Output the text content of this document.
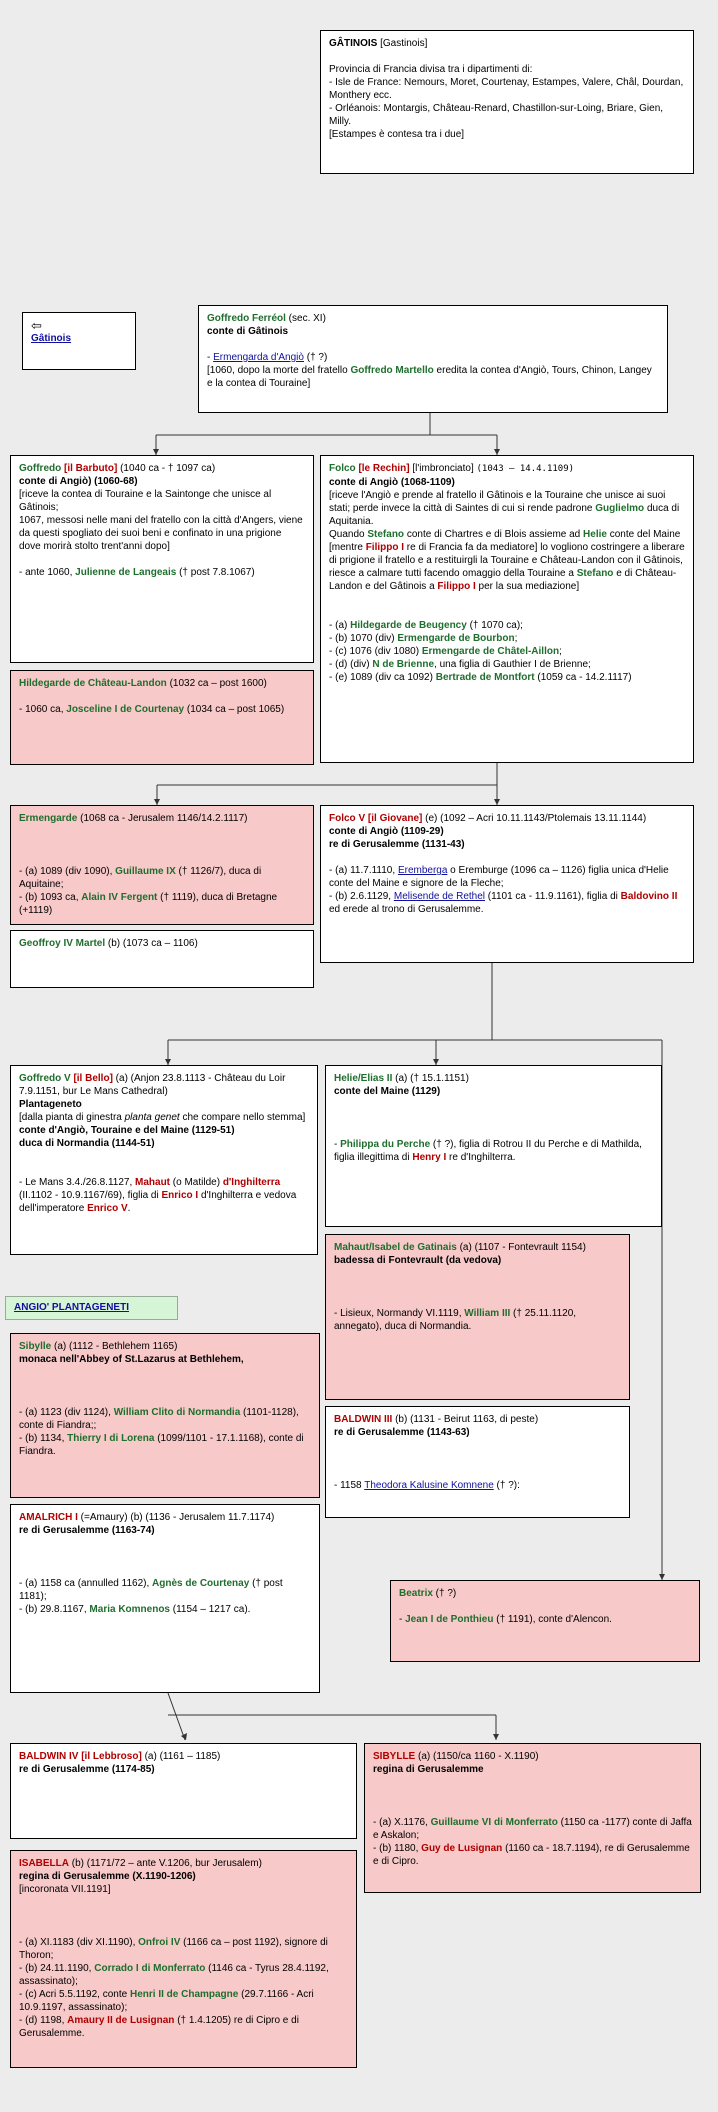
GÂTINOIS [Gastinois]

Provincia di Francia divisa tra i dipartimenti di:

- Isle de France: Nemours, Moret, Courtenay, Estampes, Valere, Châl, Dourdan, Monthery ecc.

- Orléanois: Montargis, Château-Renard, Chastillon-sur-Loing, Briare, Gien, Milly.

[Estampes è contesa tra i due]

⇦

Gâtinois

Goffredo Ferréol (sec. XI)

conte di Gâtinois

- Ermengarda d'Angiò († ?)

[1060, dopo la morte del fratello Goffredo Martello eredita la contea d'Angiò, Tours, Chinon, Langey e la contea di Touraine]

Goffredo [il Barbuto] (1040 ca - † 1097 ca)

conte di Angiò) (1060-68)

[riceve la contea di Touraine e la Saintonge che unisce al Gâtinois;

1067, messosi nelle mani del fratello con la città d'Angers, viene da questi spogliato dei suoi beni e confinato in una prigione dove morirà stolto trent'anni dopo]

- ante 1060, Julienne de Langeais († post 7.8.1067)

Hildegarde de Château-Landon (1032 ca – post 1600)

- 1060 ca, Josceline I de Courtenay (1034 ca – post 1065)

Folco [le Rechin] [l'imbronciato] (1043 – 14.4.1109)

conte di Angiò (1068-1109)

[riceve l'Angiò e prende al fratello il Gâtinois e la Touraine che unisce ai suoi stati; perde invece la città di Saintes di cui si rende padrone Guglielmo duca di Aquitania.

Quando Stefano conte di Chartres e di Blois assieme ad Helie conte del Maine [mentre Filippo I re di Francia fa da mediatore] lo vogliono costringere a liberare di prigione il fratello e a restituirgli la Touraine e Château-Landon con il Gâtinois, riesce a calmare tutti facendo omaggio della Touraine a Stefano e di Château-Landon e del Gâtinois a Filippo I per la sua mediazione]

- (a) Hildegarde de Beugency († 1070 ca);

- (b) 1070 (div) Ermengarde de Bourbon;

- (c) 1076 (div 1080) Ermengarde de Châtel-Aillon;

- (d) (div) N de Brienne, una figlia di Gauthier I de Brienne;

- (e) 1089 (div ca 1092) Bertrade de Montfort (1059 ca - 14.2.1117)

Ermengarde (1068 ca - Jerusalem 1146/14.2.1117)

- (a) 1089 (div 1090), Guillaume IX († 1126/7), duca di Aquitaine;

- (b) 1093 ca, Alain IV Fergent († 1119), duca di Bretagne (+1119)

Geoffroy IV Martel (b) (1073 ca – 1106)

Folco V [il Giovane] (e) (1092 – Acri 10.11.1143/Ptolemais 13.11.1144)

conte di Angiò (1109-29)

re di Gerusalemme (1131-43)

- (a) 11.7.1110, Eremberga o Eremburge (1096 ca – 1126) figlia unica d'Helie conte del Maine e signore de la Fleche;

- (b) 2.6.1129, Melisende de Rethel (1101 ca - 11.9.1161), figlia di Baldovino II ed erede al trono di Gerusalemme.

Goffredo V [il Bello] (a) (Anjon 23.8.1113 - Château du Loir 7.9.1151, bur Le Mans Cathedral)

Plantageneto

[dalla pianta di ginestra planta genet che compare nello stemma]

conte d'Angiò, Touraine e del Maine (1129-51)

duca di Normandia (1144-51)

- Le Mans 3.4./26.8.1127, Mahaut (o Matilde) d'Inghilterra (II.1102 - 10.9.1167/69), figlia di Enrico I d'Inghilterra e vedova dell'imperatore Enrico V.

Helie/Elias II (a) († 15.1.1151)

conte del Maine (1129)

- Philippa du Perche († ?), figlia di Rotrou II du Perche e di Mathilda, figlia illegittima di Henry I re d'Inghilterra.

ANGIO' PLANTAGENETI

Mahaut/Isabel de Gatinais (a) (1107 - Fontevrault 1154)

badessa di Fontevrault (da vedova)

- Lisieux, Normandy VI.1119, William III († 25.11.1120, annegato), duca di Normandia.

Sibylle (a) (1112 - Bethlehem 1165)

monaca nell'Abbey of St.Lazarus at Bethlehem,

- (a) 1123 (div 1124), William Clito di Normandia (1101-1128), conte di Fiandra;;

- (b) 1134, Thierry I di Lorena (1099/1101 - 17.1.1168), conte di Fiandra.

BALDWIN III (b) (1131 - Beirut 1163, di peste)

re di Gerusalemme (1143-63)

- 1158 Theodora Kalusine Komnene († ?):

AMALRICH I (=Amaury) (b) (1136 - Jerusalem 11.7.1174)

re di Gerusalemme (1163-74)

- (a) 1158 ca (annulled 1162), Agnès de Courtenay († post 1181);

- (b) 29.8.1167, Maria Komnenos (1154 – 1217 ca).

Beatrix († ?)

- Jean I de Ponthieu († 1191), conte d'Alencon.

BALDWIN IV [il Lebbroso] (a) (1161 – 1185)

re di Gerusalemme (1174-85)

SIBYLLE (a) (1150/ca 1160 - X.1190)

regina di Gerusalemme

- (a) X.1176, Guillaume VI di Monferrato (1150 ca -1177) conte di Jaffa e Askalon;

- (b) 1180, Guy de Lusignan (1160 ca - 18.7.1194), re di Gerusalemme e di Cipro.

ISABELLA (b) (1171/72 – ante V.1206, bur Jerusalem)

regina di Gerusalemme (X.1190-1206)

[incoronata VII.1191]

- (a) XI.1183 (div XI.1190), Onfroi IV (1166 ca – post 1192), signore di Thoron;

- (b) 24.11.1190, Corrado I di Monferrato (1146 ca - Tyrus 28.4.1192, assassinato);

- (c) Acri 5.5.1192, conte Henri II de Champagne (29.7.1166 - Acri 10.9.1197, assassinato);

- (d) 1198, Amaury II de Lusignan († 1.4.1205) re di Cipro e di Gerusalemme.
